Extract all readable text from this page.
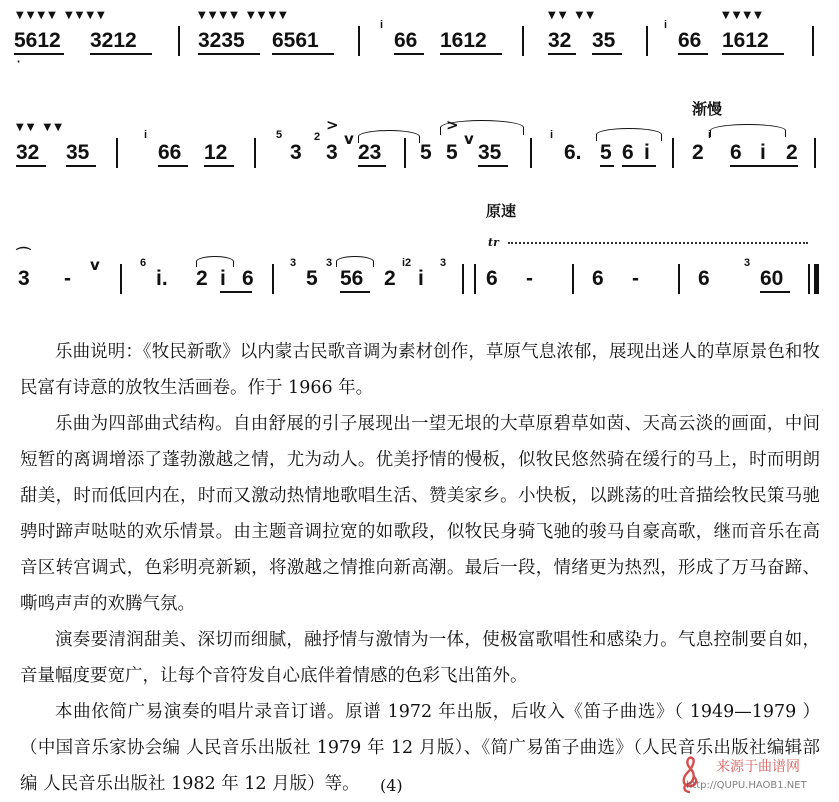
▼▼▼▼ ▼▼▼▼
5612
·
3212
▼▼▼▼ ▼▼▼▼
3235 6561
i
66 1612
▼▼ ▼▼
32 35
i
66
▼▼▼▼
1612
渐慢
▼▼ ▼▼
32 35
i
66 12
5
3
>
2
3
v
23 5
>
5
v
35
i
6. 5 6 i 2
i
6 i 2
原速
tr
⌒
3 -
v	6
i. 2 i 6
3
5
3
56 2
i2
i
3
6 -	6 -	6
3
60

乐曲说明：《牧民新歌》以内蒙古民歌音调为素材创作，草原气息浓郁，展现出迷人的草原景色和牧民富有诗意的放牧生活画卷。作于 1966 年。

乐曲为四部曲式结构。自由舒展的引子展现出一望无垠的大草原碧草如茵、天高云淡的画面，中间短暂的离调增添了蓬勃激越之情，尤为动人。优美抒情的慢板，似牧民悠然骑在缓行的马上，时而明朗甜美，时而低回内在，时而又激动热情地歌唱生活、赞美家乡。小快板，以跳荡的吐音描绘牧民策马驰骋时蹄声哒哒的欢乐情景。由主题音调拉宽的如歌段，似牧民身骑飞驰的骏马自豪高歌，继而音乐在高音区转宫调式，色彩明亮新颖，将激越之情推向新高潮。最后一段，情绪更为热烈，形成了万马奋蹄、嘶鸣声声的欢腾气氛。

演奏要清润甜美、深切而细腻，融抒情与激情为一体，使极富歌唱性和感染力。气息控制要自如，音量幅度要宽广，让每个音符发自心底伴着情感的色彩飞出笛外。

本曲依简广易演奏的唱片录音订谱。原谱 1972 年出版，后收入《笛子曲选》（ 1949—1979 ）（中国音乐家协会编 人民音乐出版社 1979 年 12 月版）、《简广易笛子曲选》（人民音乐出版社编辑部编 人民音乐出版社 1982 年 12 月版）等。	(4)
来源于曲谱网
http://QUPU.HAOB1.NET
